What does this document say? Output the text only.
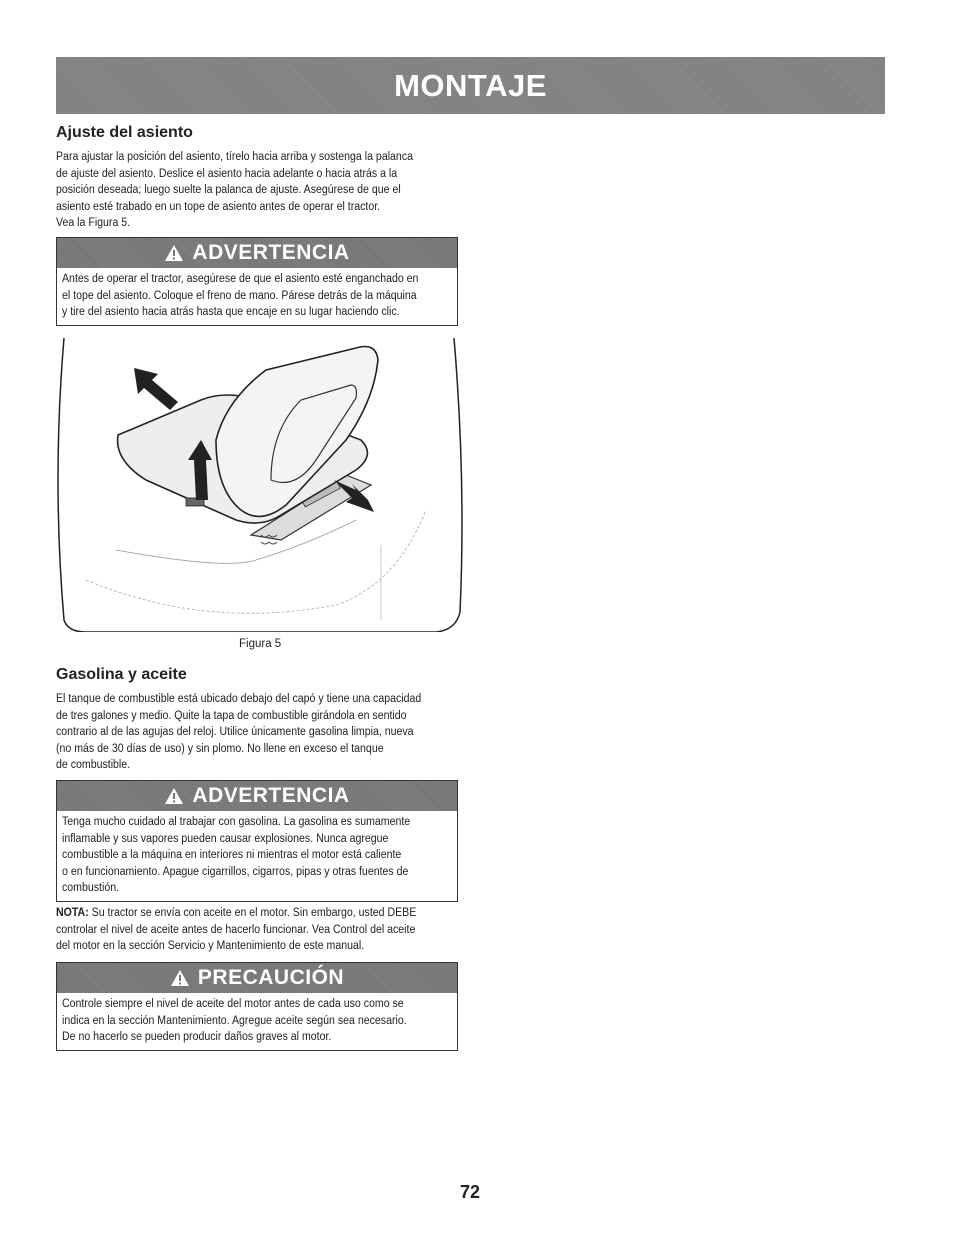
MONTAJE
Ajuste del asiento

Para ajustar la posición del asiento, tírelo hacia arriba y sostenga la palanca
de ajuste del asiento. Deslice el asiento hacia adelante o hacia atrás a la
posición deseada; luego suelte la palanca de ajuste. Asegúrese de que el
asiento esté trabado en un tope de asiento antes de operar el tractor.
Vea la Figura 5.

ADVERTENCIA

Antes de operar el tractor, asegúrese de que el asiento esté enganchado en
el tope del asiento. Coloque el freno de mano. Párese detrás de la máquina
y tire del asiento hacia atrás hasta que encaje en su lugar haciendo clic.

Figura 5
Gasolina y aceite

El tanque de combustible está ubicado debajo del capó y tiene una capacidad
de tres galones y medio. Quite la tapa de combustible girándola en sentido
contrario al de las agujas del reloj. Utilice únicamente gasolina limpia, nueva
(no más de 30 días de uso) y sin plomo. No llene en exceso el tanque
de combustible.

ADVERTENCIA

Tenga mucho cuidado al trabajar con gasolina. La gasolina es sumamente
inflamable y sus vapores pueden causar explosiones. Nunca agregue
combustible a la máquina en interiores ni mientras el motor está caliente
o en funcionamiento. Apague cigarrillos, cigarros, pipas y otras fuentes de
combustión.

NOTA: Su tractor se envía con aceite en el motor. Sin embargo, usted DEBE
controlar el nivel de aceite antes de hacerlo funcionar. Vea Control del aceite
del motor en la sección Servicio y Mantenimiento de este manual.

PRECAUCIÓN

Controle siempre el nivel de aceite del motor antes de cada uso como se
indica en la sección Mantenimiento. Agregue aceite según sea necesario.
De no hacerlo se pueden producir daños graves al motor.

72
